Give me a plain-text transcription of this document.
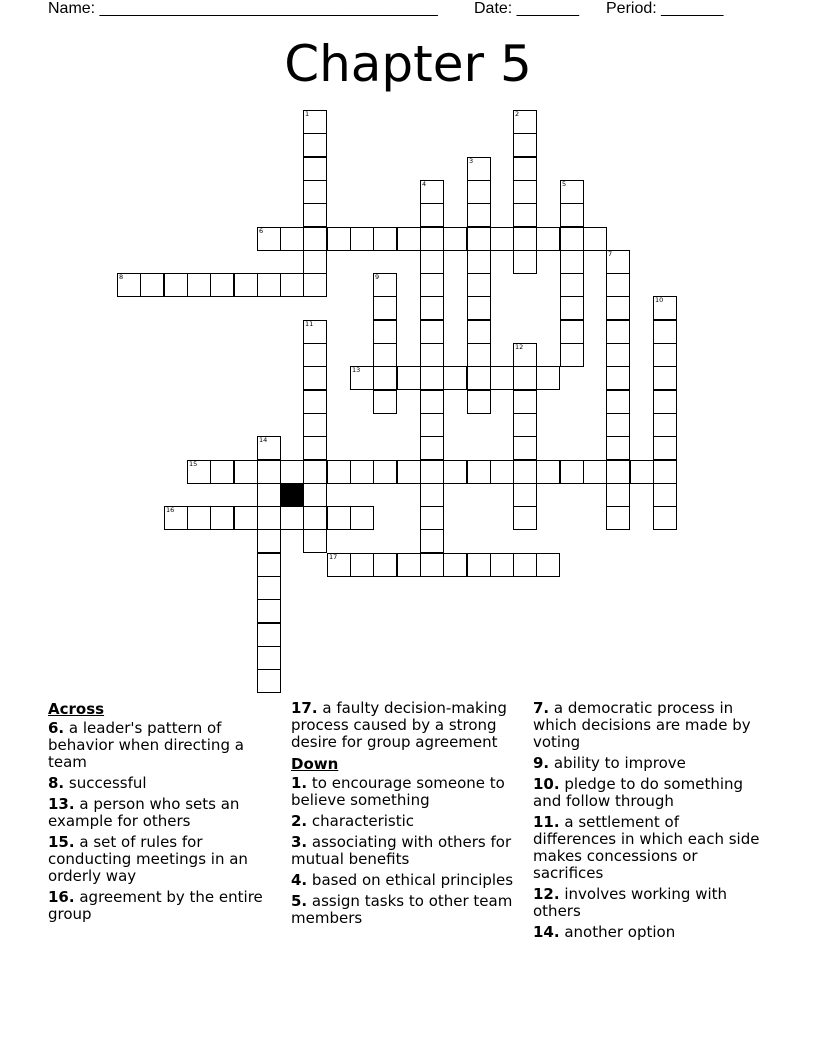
Name: ______________________________________ Date: _______ Period: _______
Chapter 5
1	2
3
4	5
6
7
8	9
10
11
12
13
14
15
16
17
Across
6. a leader's pattern of behavior when directing a team
8. successful
13. a person who sets an example for others
15. a set of rules for conducting meetings in an orderly way
16. agreement by the entire group
17. a faulty decision-making process caused by a strong desire for group agreement
Down
1. to encourage someone to believe something
2. characteristic
3. associating with others for mutual benefits
4. based on ethical principles
5. assign tasks to other team members
7. a democratic process in which decisions are made by voting
9. ability to improve
10. pledge to do something and follow through
11. a settlement of differences in which each side makes concessions or sacrifices
12. involves working with others
14. another option
